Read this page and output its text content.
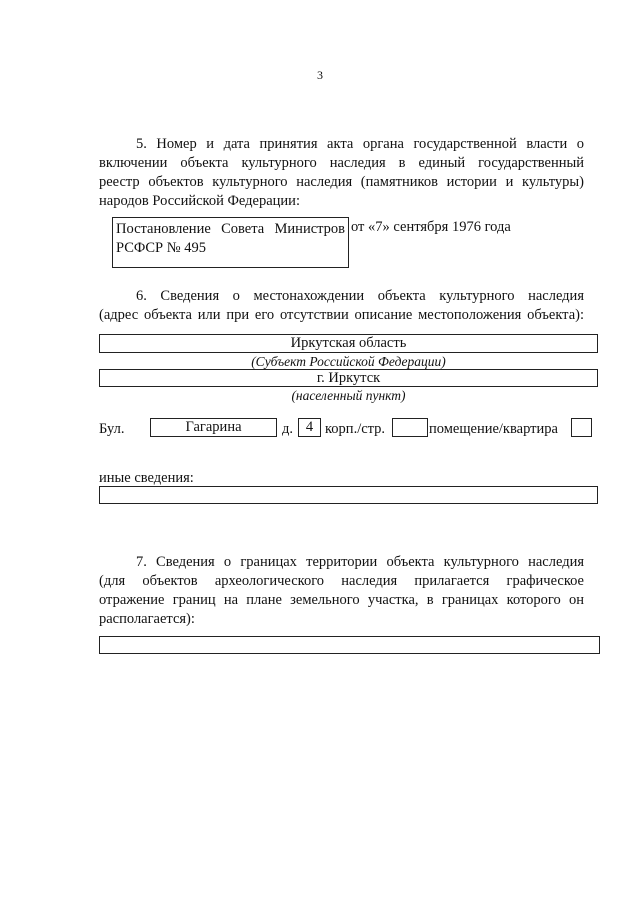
3
5. Номер и дата принятия акта органа государственной власти о
включении объекта культурного наследия в единый государственный
реестр объектов культурного наследия (памятников истории и культуры)
народов Российской Федерации:
Постановление Совета Министров
РСФСР № 495
от «7» сентября 1976 года
6. Сведения о местонахождении объекта культурного наследия
(адрес объекта или при его отсутствии описание местоположения объекта):
Иркутская область
(Субъект Российской Федерации)
г. Иркутск
(населенный пункт)
Бул.	Гагарина	д. 4 корп./стр.	помещение/квартира
иные сведения:
7. Сведения о границах территории объекта культурного наследия
(для объектов археологического наследия прилагается графическое
отражение границ на плане земельного участка, в границах которого он
располагается):
